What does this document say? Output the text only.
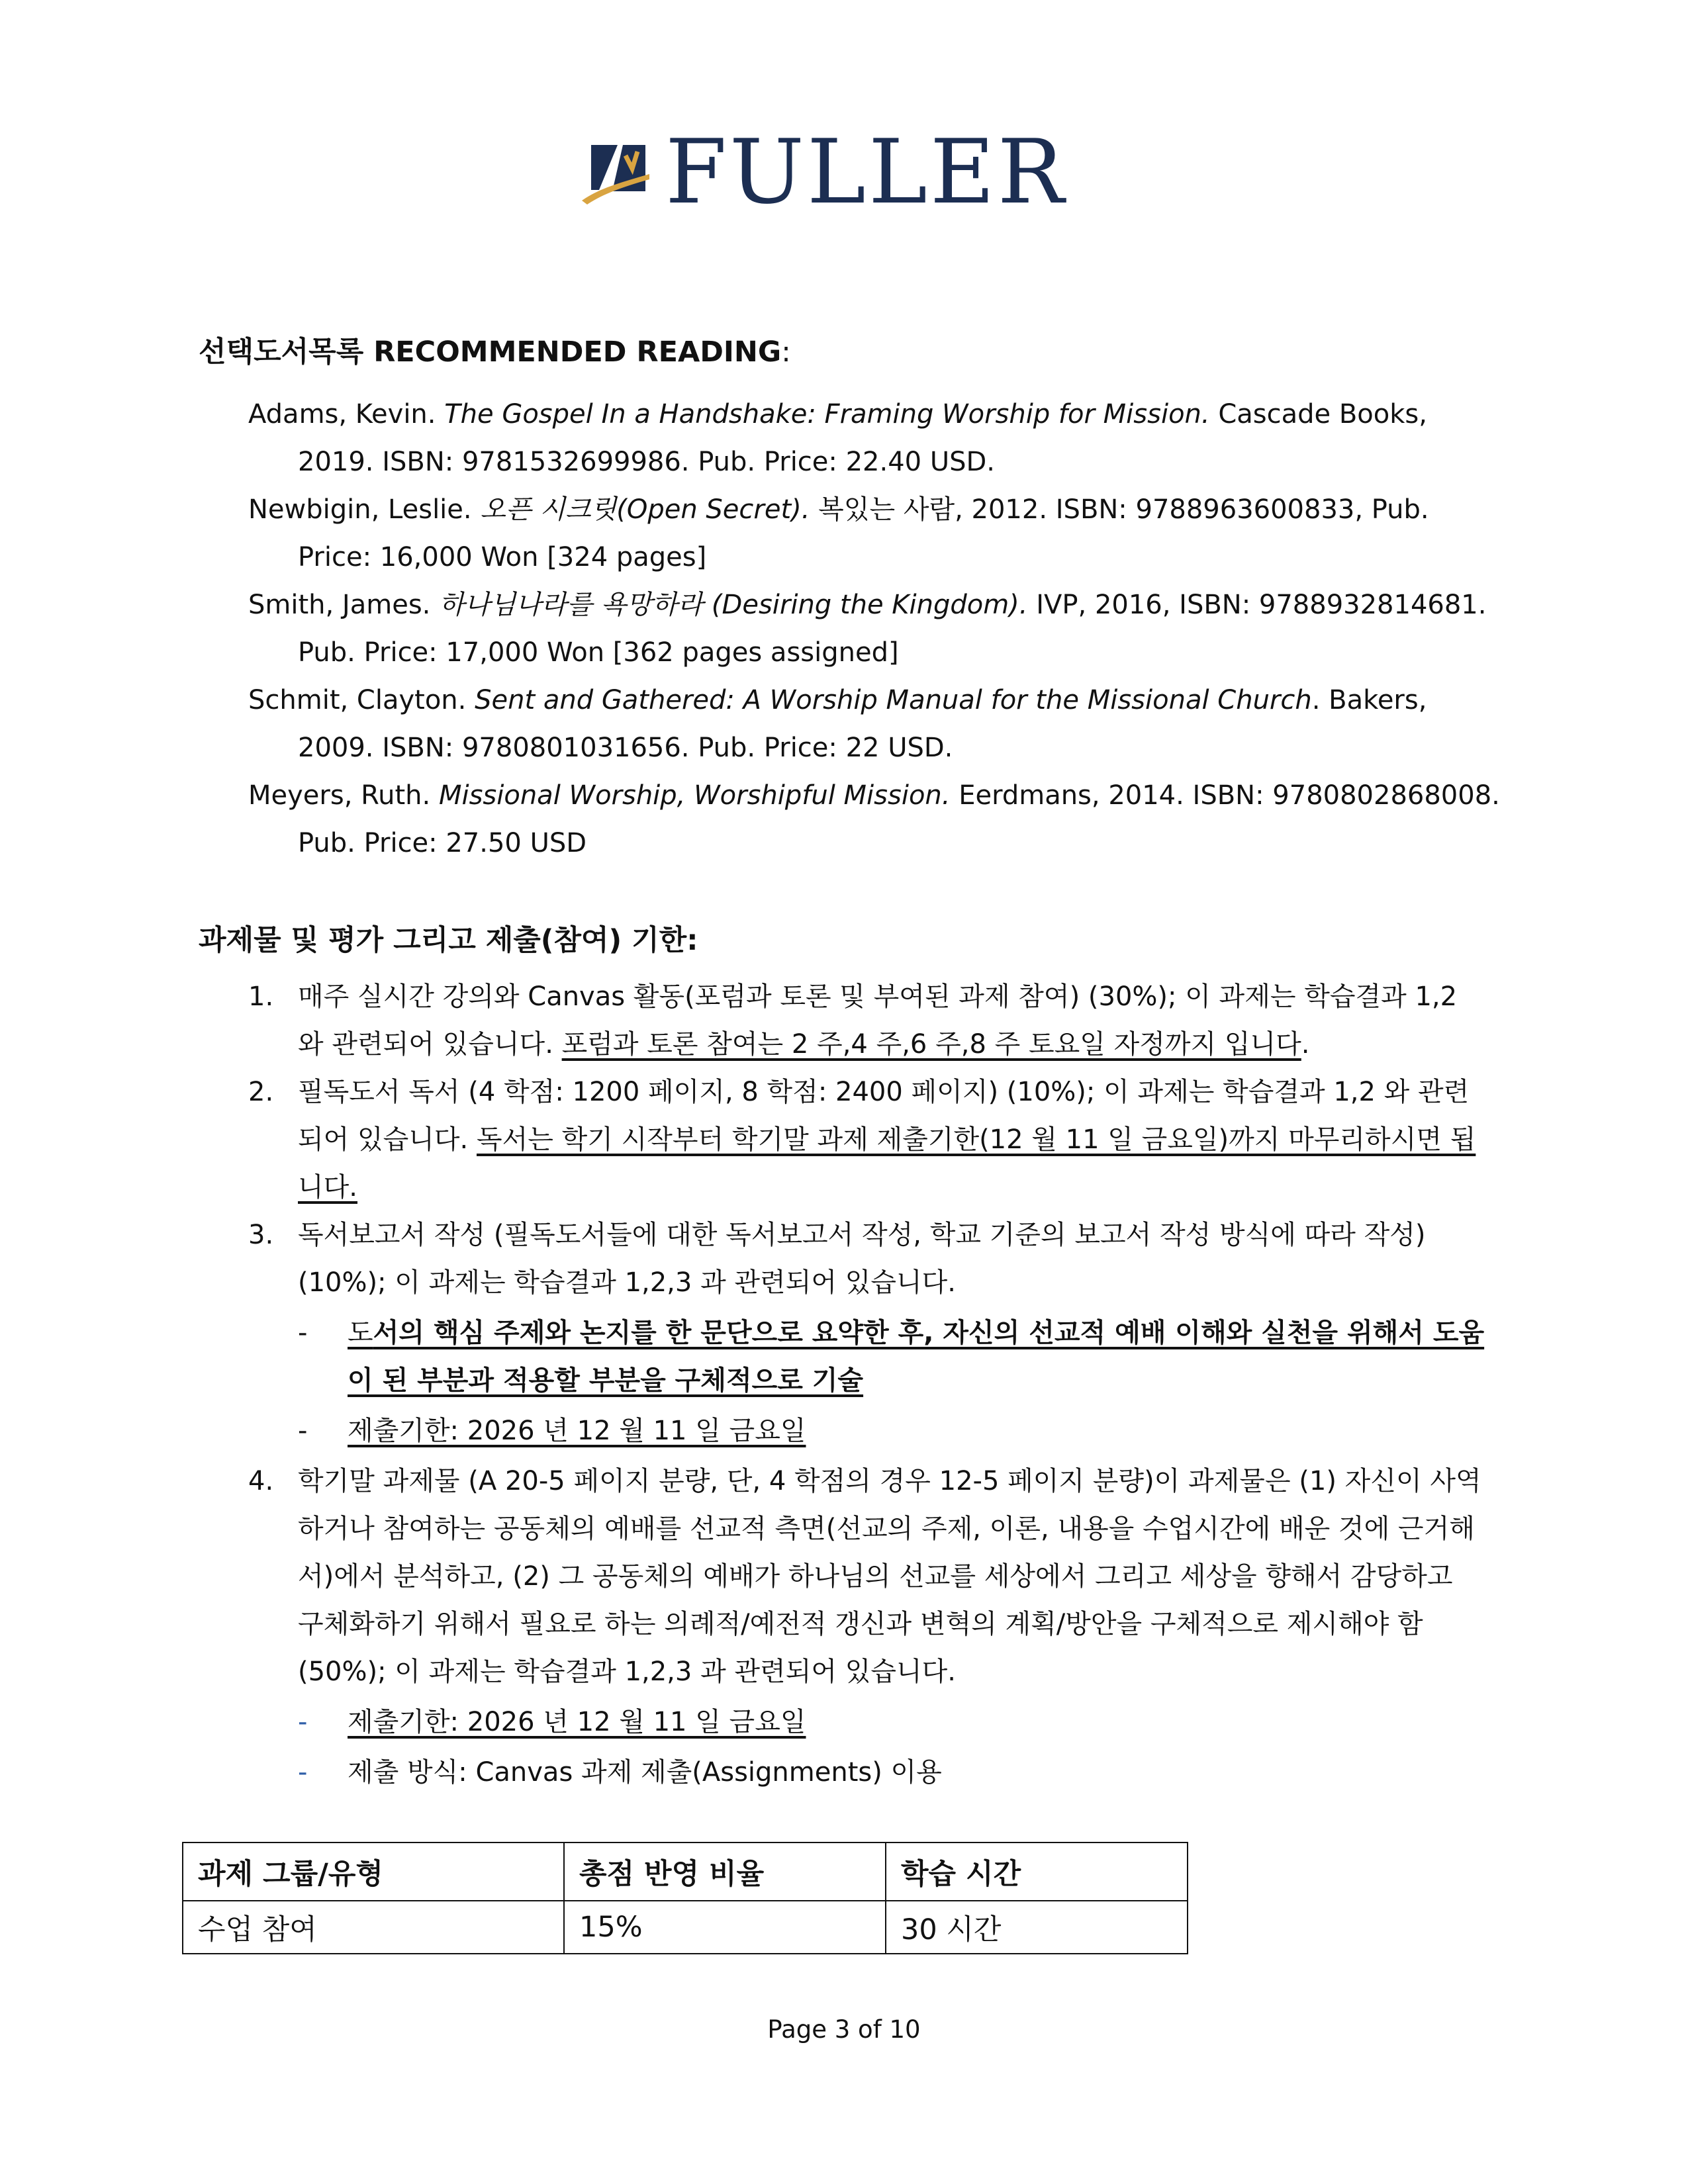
FULLER
선택도서목록 RECOMMENDED READING:
Adams, Kevin. The Gospel In a Handshake: Framing Worship for Mission. Cascade Books, 2019. ISBN: 9781532699986. Pub. Price: 22.40 USD.
Newbigin, Leslie. 오픈 시크릿(Open Secret). 복있는 사람, 2012. ISBN: 9788963600833, Pub. Price: 16,000 Won [324 pages]
Smith, James. 하나님나라를 욕망하라 (Desiring the Kingdom). IVP, 2016, ISBN: 9788932814681. Pub. Price: 17,000 Won [362 pages assigned]
Schmit, Clayton. Sent and Gathered: A Worship Manual for the Missional Church. Bakers, 2009. ISBN: 9780801031656. Pub. Price: 22 USD.
Meyers, Ruth. Missional Worship, Worshipful Mission. Eerdmans, 2014. ISBN: 9780802868008. Pub. Price: 27.50 USD
과제물 및 평가 그리고 제출(참여) 기한:
1. 매주 실시간 강의와 Canvas 활동(포럼과 토론 및 부여된 과제 참여) (30%); 이 과제는 학습결과 1,2 와 관련되어 있습니다. 포럼과 토론 참여는 2 주,4 주,6 주,8 주 토요일 자정까지 입니다.
2. 필독도서 독서 (4 학점: 1200 페이지, 8 학점: 2400 페이지) (10%); 이 과제는 학습결과 1,2 와 관련되어 있습니다. 독서는 학기 시작부터 학기말 과제 제출기한(12 월 11 일 금요일)까지 마무리하시면 됩니다.
3. 독서보고서 작성 (필독도서들에 대한 독서보고서 작성, 학교 기준의 보고서 작성 방식에 따라 작성)(10%); 이 과제는 학습결과 1,2,3 과 관련되어 있습니다.
- 도서의 핵심 주제와 논지를 한 문단으로 요약한 후, 자신의 선교적 예배 이해와 실천을 위해서 도움이 된 부분과 적용할 부분을 구체적으로 기술
- 제출기한: 2026 년 12 월 11 일 금요일
4. 학기말 과제물 (A 20-5 페이지 분량, 단, 4 학점의 경우 12-5 페이지 분량)이 과제물은 (1) 자신이 사역하거나 참여하는 공동체의 예배를 선교적 측면(선교의 주제, 이론, 내용을 수업시간에 배운 것에 근거해서)에서 분석하고, (2) 그 공동체의 예배가 하나님의 선교를 세상에서 그리고 세상을 향해서 감당하고 구체화하기 위해서 필요로 하는 의례적/예전적 갱신과 변혁의 계획/방안을 구체적으로 제시해야 함 (50%); 이 과제는 학습결과 1,2,3 과 관련되어 있습니다.
- 제출기한: 2026 년 12 월 11 일 금요일
- 제출 방식: Canvas 과제 제출(Assignments) 이용
과제 그룹/유형	총점 반영 비율	학습 시간
수업 참여	15%	30 시간
Page 3 of 10
